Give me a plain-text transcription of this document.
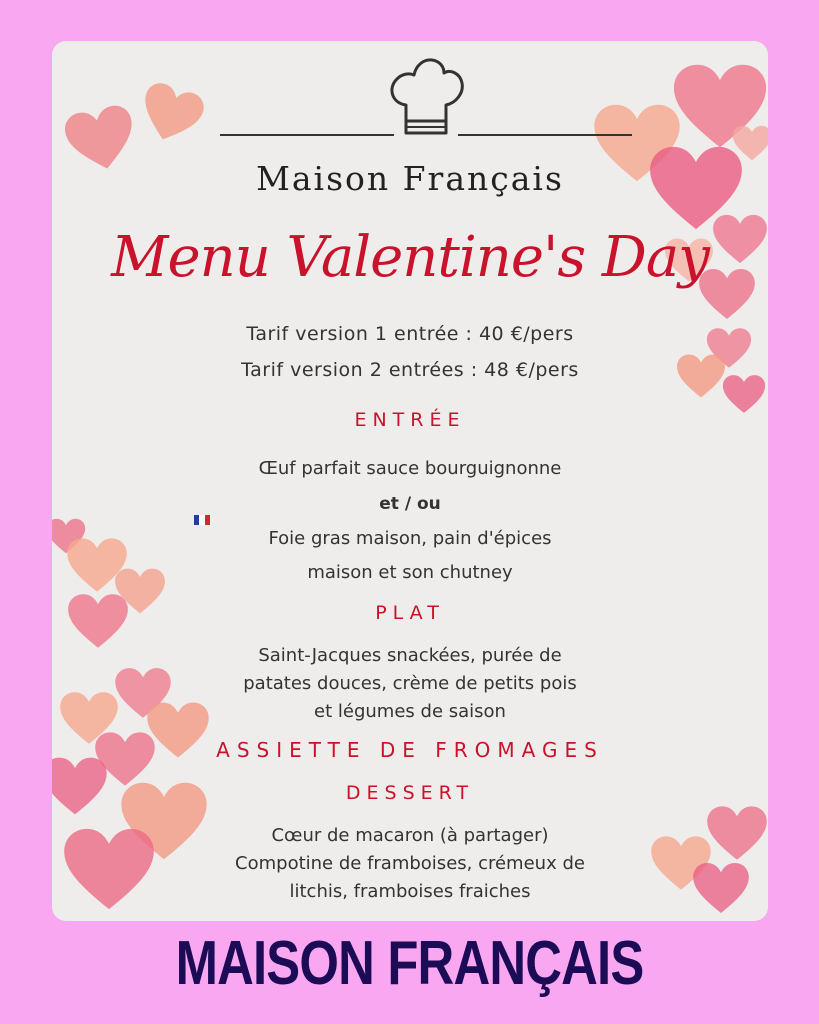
Maison Français
Menu Valentine's Day
Tarif version 1 entrée : 40 €/pers
Tarif version 2 entrées : 48 €/pers
ENTRÉE
Œuf parfait sauce bourguignonne
et / ou
Foie gras maison, pain d'épices
maison et son chutney
PLAT
Saint-Jacques snackées, purée de
patates douces, crème de petits pois
et légumes de saison
ASSIETTE DE FROMAGES
DESSERT
Cœur de macaron (à partager)
Compotine de framboises, crémeux de
litchis, framboises fraiches
MAISON FRANÇAIS
